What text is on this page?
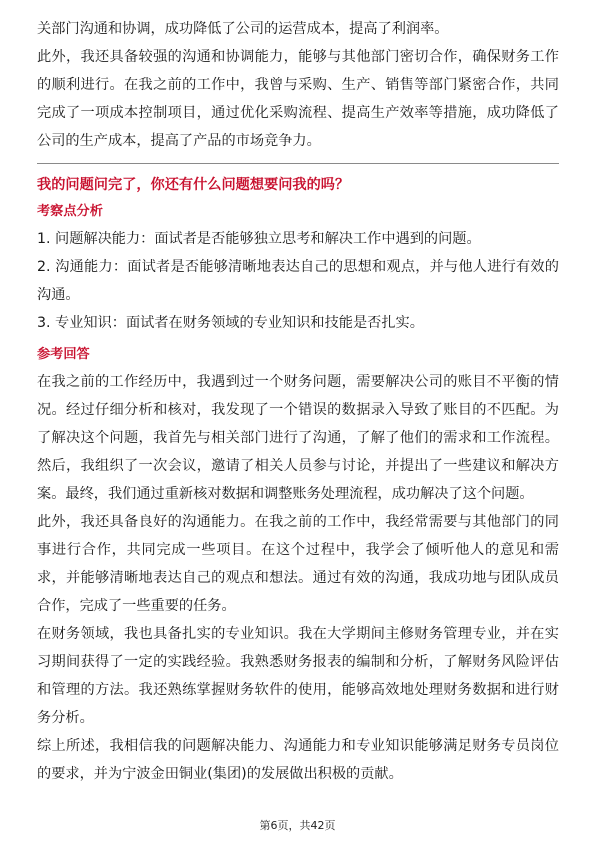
关部门沟通和协调，成功降低了公司的运营成本，提高了利润率。

此外，我还具备较强的沟通和协调能力，能够与其他部门密切合作，确保财务工作的顺利进行。在我之前的工作中，我曾与采购、生产、销售等部门紧密合作，共同完成了一项成本控制项目，通过优化采购流程、提高生产效率等措施，成功降低了公司的生产成本，提高了产品的市场竞争力。

我的问题问完了，你还有什么问题想要问我的吗？
考察点分析

1. 问题解决能力：面试者是否能够独立思考和解决工作中遇到的问题。

2. 沟通能力：面试者是否能够清晰地表达自己的思想和观点，并与他人进行有效的沟通。

3. 专业知识：面试者在财务领域的专业知识和技能是否扎实。

参考回答

在我之前的工作经历中，我遇到过一个财务问题，需要解决公司的账目不平衡的情况。经过仔细分析和核对，我发现了一个错误的数据录入导致了账目的不匹配。为了解决这个问题，我首先与相关部门进行了沟通，了解了他们的需求和工作流程。然后，我组织了一次会议，邀请了相关人员参与讨论，并提出了一些建议和解决方案。最终，我们通过重新核对数据和调整账务处理流程，成功解决了这个问题。

此外，我还具备良好的沟通能力。在我之前的工作中，我经常需要与其他部门的同事进行合作，共同完成一些项目。在这个过程中，我学会了倾听他人的意见和需求，并能够清晰地表达自己的观点和想法。通过有效的沟通，我成功地与团队成员合作，完成了一些重要的任务。

在财务领域，我也具备扎实的专业知识。我在大学期间主修财务管理专业，并在实习期间获得了一定的实践经验。我熟悉财务报表的编制和分析，了解财务风险评估和管理的方法。我还熟练掌握财务软件的使用，能够高效地处理财务数据和进行财务分析。

综上所述，我相信我的问题解决能力、沟通能力和专业知识能够满足财务专员岗位的要求，并为宁波金田铜业(集团)的发展做出积极的贡献。

第6页，共42页
